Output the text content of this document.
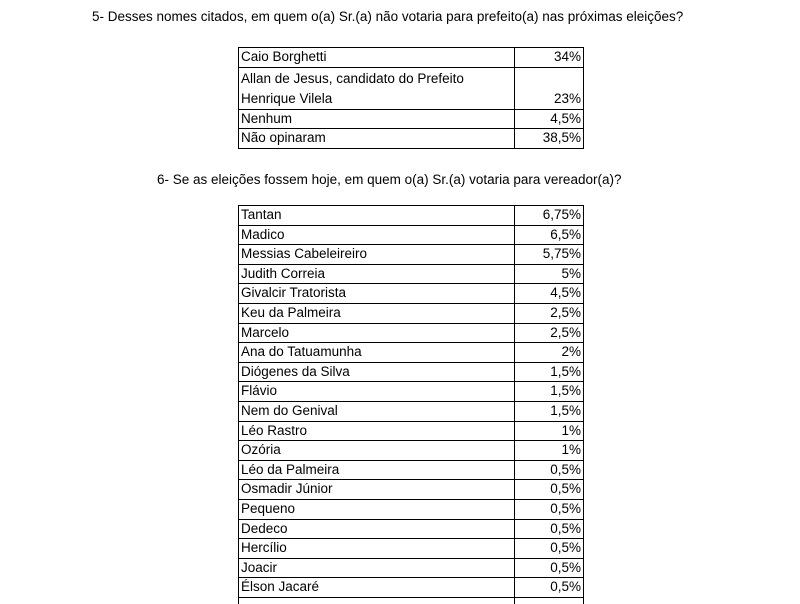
5- Desses nomes citados, em quem o(a) Sr.(a) não votaria para prefeito(a) nas próximas eleições?
Caio Borghetti	34%
Allan de Jesus, candidato do Prefeito Henrique Vilela	23%
Nenhum	4,5%
Não opinaram	38,5%
6- Se as eleições fossem hoje, em quem o(a) Sr.(a) votaria para vereador(a)?
Tantan	6,75%
Madico	6,5%
Messias Cabeleireiro	5,75%
Judith Correia	5%
Givalcir Tratorista	4,5%
Keu da Palmeira	2,5%
Marcelo	2,5%
Ana do Tatuamunha	2%
Diógenes da Silva	1,5%
Flávio	1,5%
Nem do Genival	1,5%
Léo Rastro	1%
Ozória	1%
Léo da Palmeira	0,5%
Osmadir Júnior	0,5%
Pequeno	0,5%
Dedeco	0,5%
Hercílio	0,5%
Joacir	0,5%
Élson Jacaré	0,5%
